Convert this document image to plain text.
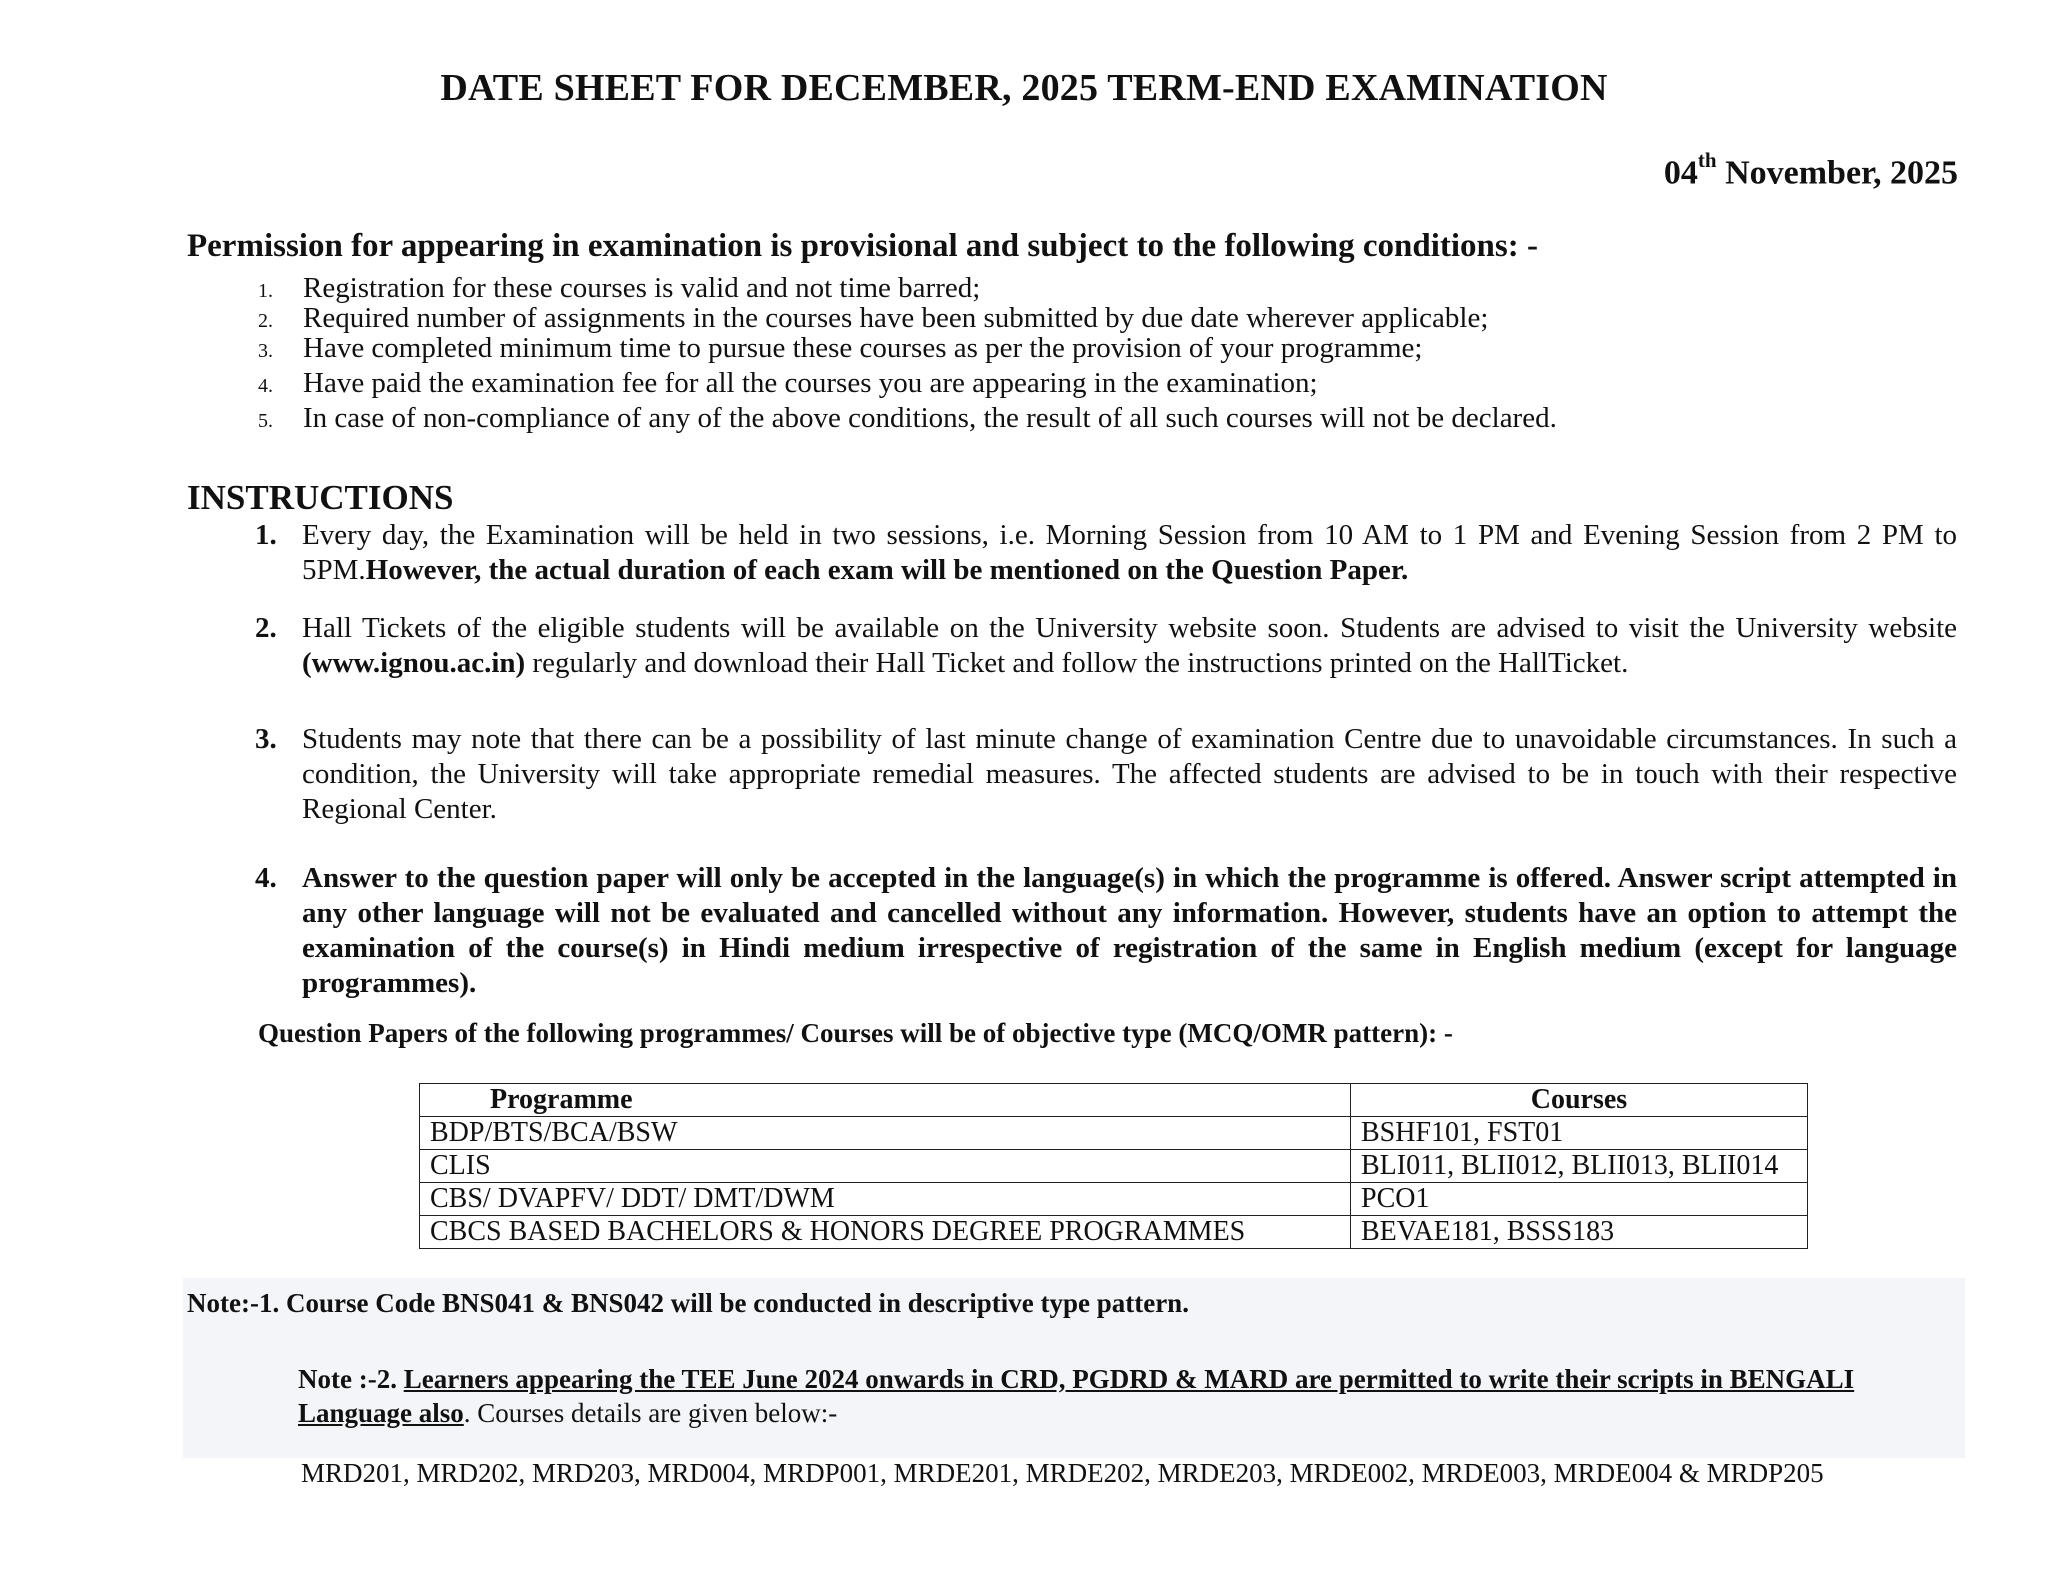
DATE SHEET FOR DECEMBER, 2025 TERM-END EXAMINATION
04th November, 2025
Permission for appearing in examination is provisional and subject to the following conditions: -
1. Registration for these courses is valid and not time barred;
2. Required number of assignments in the courses have been submitted by due date wherever applicable;
3. Have completed minimum time to pursue these courses as per the provision of your programme;
4. Have paid the examination fee for all the courses you are appearing in the examination;
5. In case of non-compliance of any of the above conditions, the result of all such courses will not be declared.
INSTRUCTIONS
1. Every day, the Examination will be held in two sessions, i.e. Morning Session from 10 AM to 1 PM and Evening Session from 2 PM to 5PM.However, the actual duration of each exam will be mentioned on the Question Paper.
2. Hall Tickets of the eligible students will be available on the University website soon. Students are advised to visit the University website (www.ignou.ac.in) regularly and download their Hall Ticket and follow the instructions printed on the HallTicket.
3. Students may note that there can be a possibility of last minute change of examination Centre due to unavoidable circumstances. In such a condition, the University will take appropriate remedial measures. The affected students are advised to be in touch with their respective Regional Center.
4. Answer to the question paper will only be accepted in the language(s) in which the programme is offered. Answer script attempted in any other language will not be evaluated and cancelled without any information. However, students have an option to attempt the examination of the course(s) in Hindi medium irrespective of registration of the same in English medium (except for language programmes).
Question Papers of the following programmes/ Courses will be of objective type (MCQ/OMR pattern): -
Programme	Courses
BDP/BTS/BCA/BSW	BSHF101, FST01
CLIS	BLI011, BLII012, BLII013, BLII014
CBS/ DVAPFV/ DDT/ DMT/DWM	PCO1
CBCS BASED BACHELORS & HONORS DEGREE PROGRAMMES	BEVAE181, BSSS183
Note:-1. Course Code BNS041 & BNS042 will be conducted in descriptive type pattern.
Note :-2. Learners appearing the TEE June 2024 onwards in CRD, PGDRD & MARD are permitted to write their scripts in BENGALI Language also. Courses details are given below:-
MRD201, MRD202, MRD203, MRD004, MRDP001, MRDE201, MRDE202, MRDE203, MRDE002, MRDE003, MRDE004 & MRDP205
